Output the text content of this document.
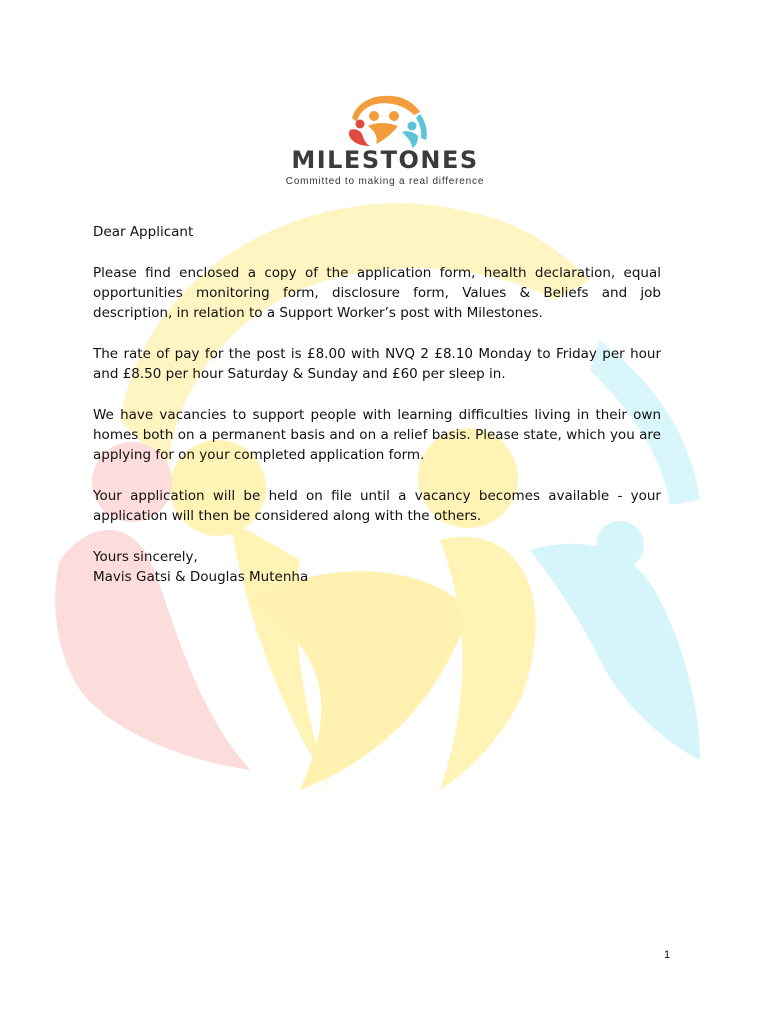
MILESTONES
Committed to making a real difference

Dear Applicant

Please find enclosed a copy of the application form, health declaration, equal opportunities monitoring form, disclosure form, Values & Beliefs and job description, in relation to a Support Worker’s post with Milestones.

The rate of pay for the post is £8.00 with NVQ 2 £8.10 Monday to Friday per hour and £8.50 per hour Saturday & Sunday and £60 per sleep in.

We have vacancies to support people with learning difficulties living in their own homes both on a permanent basis and on a relief basis. Please state, which you are applying for on your completed application form.

Your application will be held on file until a vacancy becomes available - your application will then be considered along with the others.

Yours sincerely,

Mavis Gatsi & Douglas Mutenha

1
